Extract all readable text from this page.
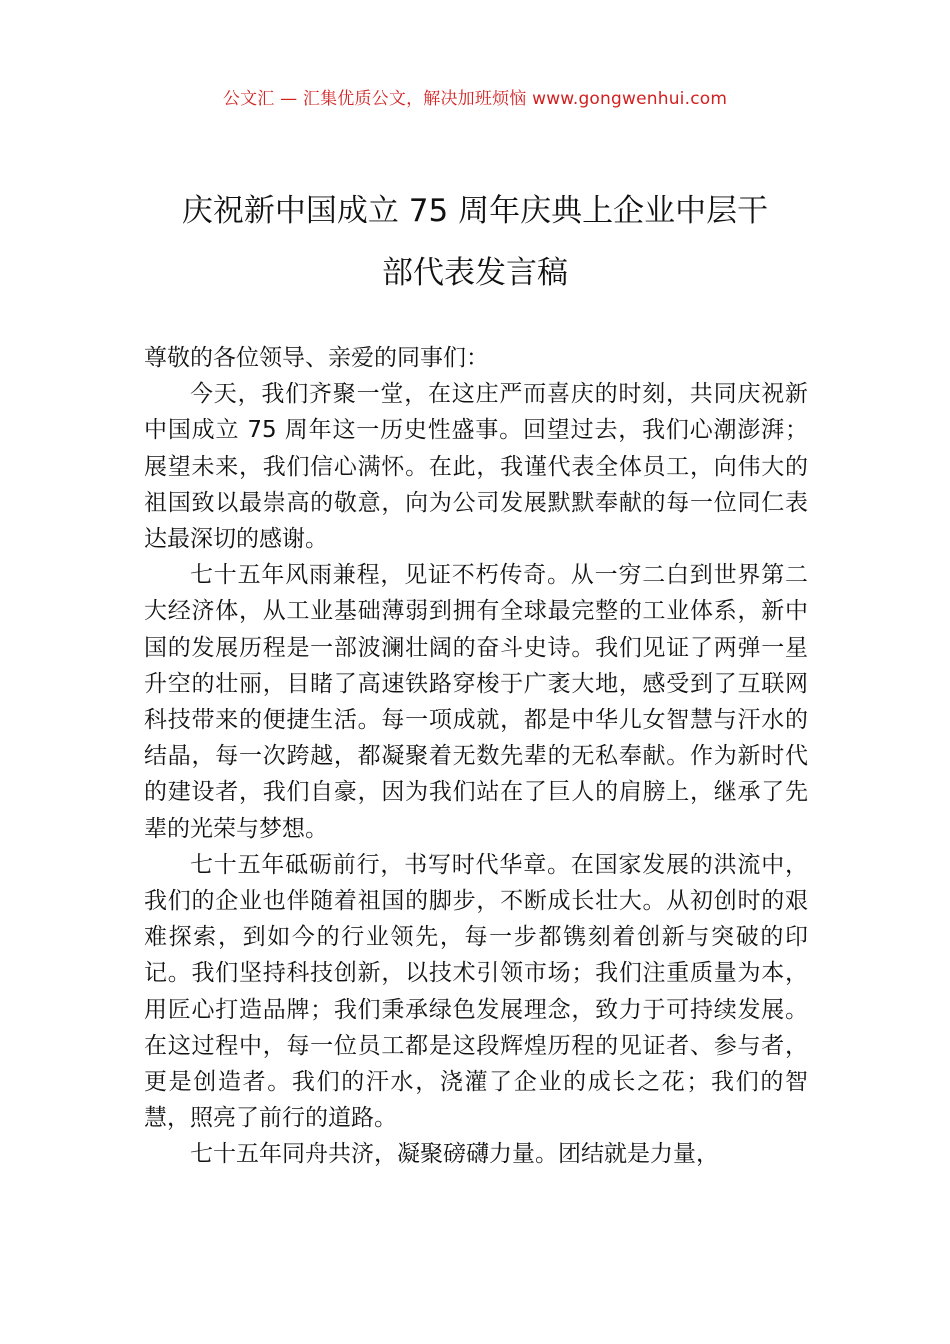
公文汇 — 汇集优质公文，解决加班烦恼 www.gongwenhui.com
庆祝新中国成立 75 周年庆典上企业中层干
部代表发言稿
尊敬的各位领导、亲爱的同事们：

今天，我们齐聚一堂，在这庄严而喜庆的时刻，共同庆祝新中国成立 75 周年这一历史性盛事。回望过去，我们心潮澎湃；展望未来，我们信心满怀。在此，我谨代表全体员工，向伟大的祖国致以最崇高的敬意，向为公司发展默默奉献的每一位同仁表达最深切的感谢。

七十五年风雨兼程，见证不朽传奇。从一穷二白到世界第二大经济体，从工业基础薄弱到拥有全球最完整的工业体系，新中国的发展历程是一部波澜壮阔的奋斗史诗。我们见证了两弹一星升空的壮丽，目睹了高速铁路穿梭于广袤大地，感受到了互联网科技带来的便捷生活。每一项成就，都是中华儿女智慧与汗水的结晶，每一次跨越，都凝聚着无数先辈的无私奉献。作为新时代的建设者，我们自豪，因为我们站在了巨人的肩膀上，继承了先辈的光荣与梦想。

七十五年砥砺前行，书写时代华章。在国家发展的洪流中，我们的企业也伴随着祖国的脚步，不断成长壮大。从初创时的艰难探索，到如今的行业领先，每一步都镌刻着创新与突破的印记。我们坚持科技创新，以技术引领市场；我们注重质量为本，用匠心打造品牌；我们秉承绿色发展理念，致力于可持续发展。在这过程中，每一位员工都是这段辉煌历程的见证者、参与者，更是创造者。我们的汗水，浇灌了企业的成长之花；我们的智慧，照亮了前行的道路。

七十五年同舟共济，凝聚磅礴力量。团结就是力量，
